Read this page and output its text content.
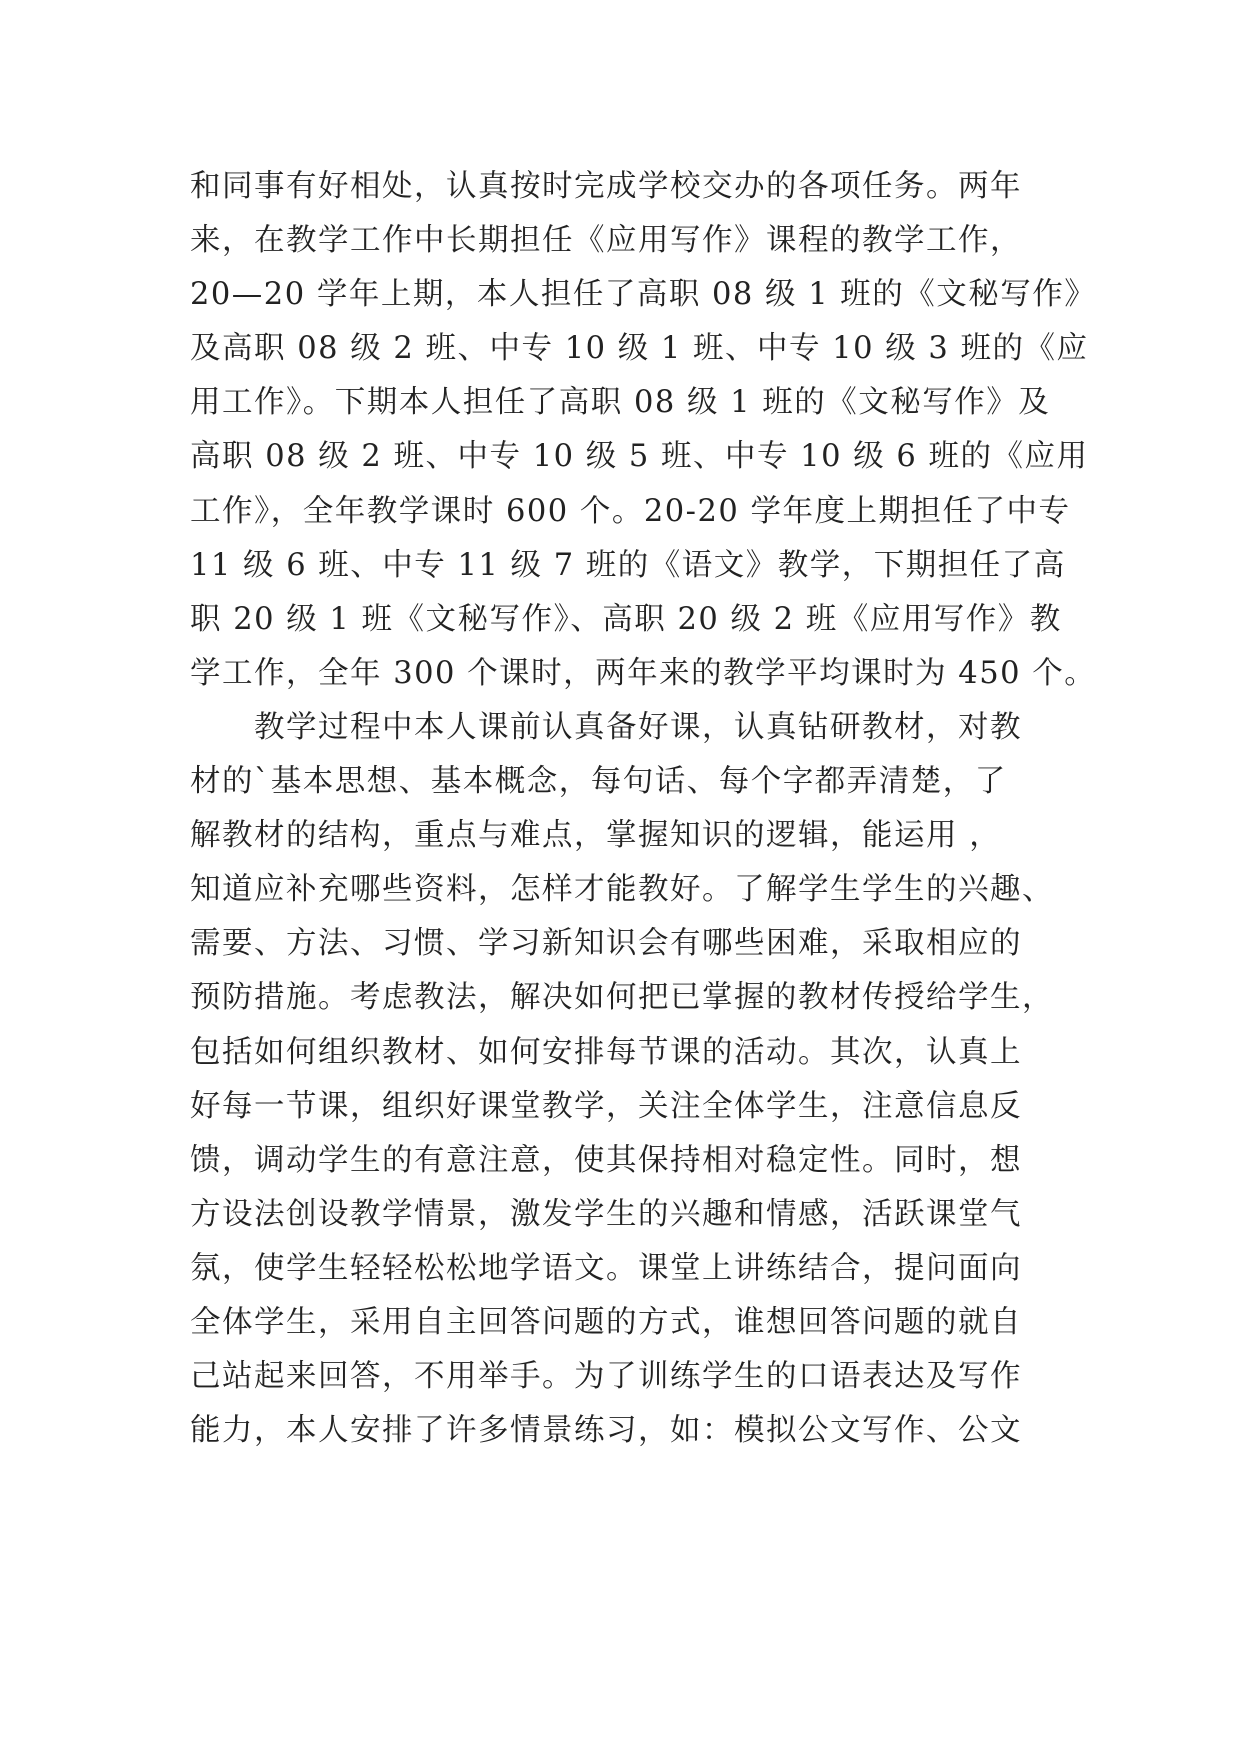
和同事有好相处，认真按时完成学校交办的各项任务。两年
来，在教学工作中长期担任《应用写作》课程的教学工作，
20—20 学年上期，本人担任了高职 08 级 1 班的《文秘写作》
及高职 08 级 2 班、中专 10 级 1 班、中专 10 级 3 班的《应
用工作》。下期本人担任了高职 08 级 1 班的《文秘写作》及
高职 08 级 2 班、中专 10 级 5 班、中专 10 级 6 班的《应用
工作》，全年教学课时 600 个。20-20 学年度上期担任了中专
11 级 6 班、中专 11 级 7 班的《语文》教学，下期担任了高
职 20 级 1 班《文秘写作》、高职 20 级 2 班《应用写作》教
学工作，全年 300 个课时，两年来的教学平均课时为 450 个。
　　教学过程中本人课前认真备好课，认真钻研教材，对教
材的`基本思想、基本概念，每句话、每个字都弄清楚，了
解教材的结构，重点与难点，掌握知识的逻辑，能运用 ，
知道应补充哪些资料，怎样才能教好。了解学生学生的兴趣、
需要、方法、习惯、学习新知识会有哪些困难，采取相应的
预防措施。考虑教法，解决如何把已掌握的教材传授给学生，
包括如何组织教材、如何安排每节课的活动。其次，认真上
好每一节课，组织好课堂教学，关注全体学生，注意信息反
馈，调动学生的有意注意，使其保持相对稳定性。同时，想
方设法创设教学情景，激发学生的兴趣和情感，活跃课堂气
氛，使学生轻轻松松地学语文。课堂上讲练结合，提问面向
全体学生，采用自主回答问题的方式，谁想回答问题的就自
己站起来回答，不用举手。为了训练学生的口语表达及写作
能力，本人安排了许多情景练习，如：模拟公文写作、公文
